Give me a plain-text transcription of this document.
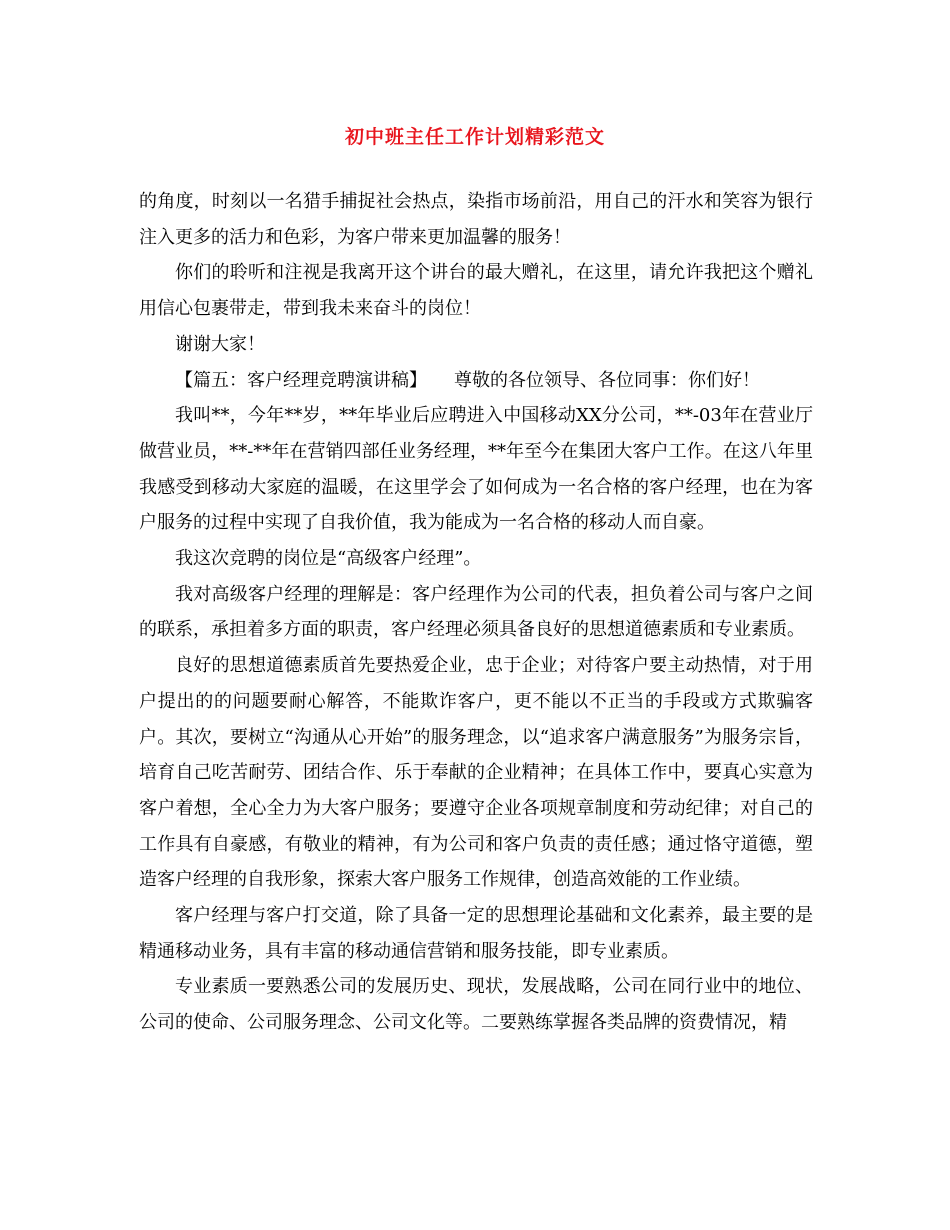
初中班主任工作计划精彩范文

的角度，时刻以一名猎手捕捉社会热点，染指市场前沿，用自己的汗水和笑容为银行注入更多的活力和色彩，为客户带来更加温馨的服务！

你们的聆听和注视是我离开这个讲台的最大赠礼，在这里，请允许我把这个赠礼用信心包裹带走，带到我未来奋斗的岗位！

谢谢大家！

【篇五：客户经理竞聘演讲稿】　　尊敬的各位领导、各位同事：你们好！

我叫**，今年**岁，**年毕业后应聘进入中国移动XX分公司，**-03年在营业厅做营业员，**-**年在营销四部任业务经理，**年至今在集团大客户工作。在这八年里我感受到移动大家庭的温暖，在这里学会了如何成为一名合格的客户经理，也在为客户服务的过程中实现了自我价值，我为能成为一名合格的移动人而自豪。

我这次竞聘的岗位是“高级客户经理”。

我对高级客户经理的理解是：客户经理作为公司的代表，担负着公司与客户之间的联系，承担着多方面的职责，客户经理必须具备良好的思想道德素质和专业素质。

良好的思想道德素质首先要热爱企业，忠于企业；对待客户要主动热情，对于用户提出的的问题要耐心解答，不能欺诈客户，更不能以不正当的手段或方式欺骗客户。其次，要树立“沟通从心开始”的服务理念，以“追求客户满意服务”为服务宗旨，培育自己吃苦耐劳、团结合作、乐于奉献的企业精神；在具体工作中，要真心实意为客户着想，全心全力为大客户服务；要遵守企业各项规章制度和劳动纪律；对自己的工作具有自豪感，有敬业的精神，有为公司和客户负责的责任感；通过恪守道德，塑造客户经理的自我形象，探索大客户服务工作规律，创造高效能的工作业绩。

客户经理与客户打交道，除了具备一定的思想理论基础和文化素养，最主要的是精通移动业务，具有丰富的移动通信营销和服务技能，即专业素质。

专业素质一要熟悉公司的发展历史、现状，发展战略，公司在同行业中的地位、公司的使命、公司服务理念、公司文化等。二要熟练掌握各类品牌的资费情况，精
